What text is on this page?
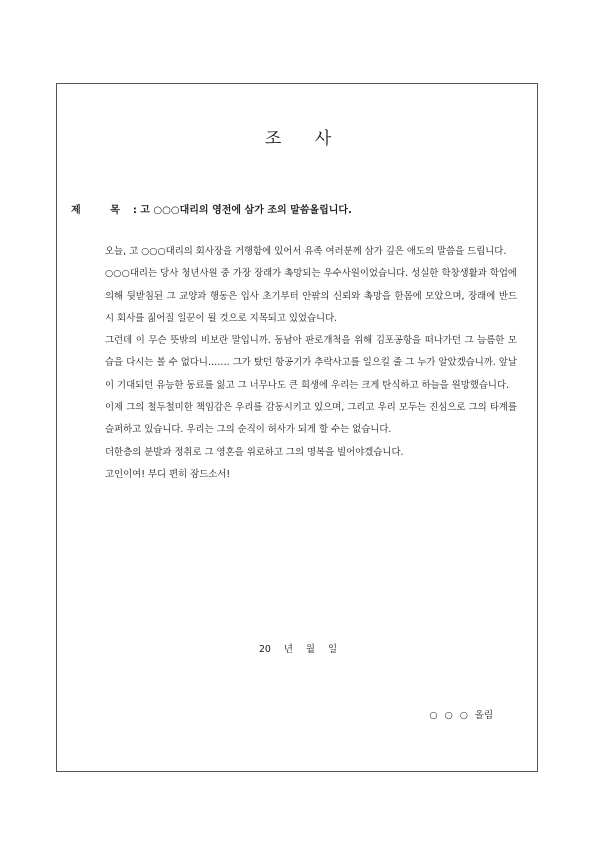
조 사
제 목: 고 ○○○대리의 영전에 삼가 조의 말씀올립니다.

오늘, 고 ○○○대리의 회사장을 거행함에 있어서 유족 여러분께 삼가 깊은 애도의 말씀을 드립니다.

○○○대리는 당사 청년사원 중 가장 장래가 촉망되는 우수사원이었습니다. 성실한 학창생활과 학업에 의해 뒷받침된 그 교양과 행동은 입사 초기부터 안팎의 신뢰와 촉망을 한몸에 모았으며, 장래에 반드시 회사를 짊어질 일꾼이 될 것으로 지목되고 있었습니다.

그런데 이 무슨 뜻밖의 비보란 말입니까. 동남아 판로개척을 위해 김포공항을 떠나가던 그 늠름한 모습을 다시는 볼 수 없다니……. 그가 탔던 항공기가 추락사고를 일으킬 줄 그 누가 알았겠습니까. 앞날이 기대되던 유능한 동료를 잃고 그 너무나도 큰 희생에 우리는 크게 탄식하고 하늘을 원망했습니다.

이제 그의 철두철미한 책임감은 우리를 감동시키고 있으며, 그리고 우리 모두는 진심으로 그의 타계를 슬퍼하고 있습니다. 우리는 그의 순직이 허사가 되게 할 수는 없습니다.

더한층의 분발과 정취로 그 영혼을 위로하고 그의 명복을 빌어야겠습니다.

고인이여! 부디 편히 잠드소서!

20 년 월 일
○ ○ ○ 올림
